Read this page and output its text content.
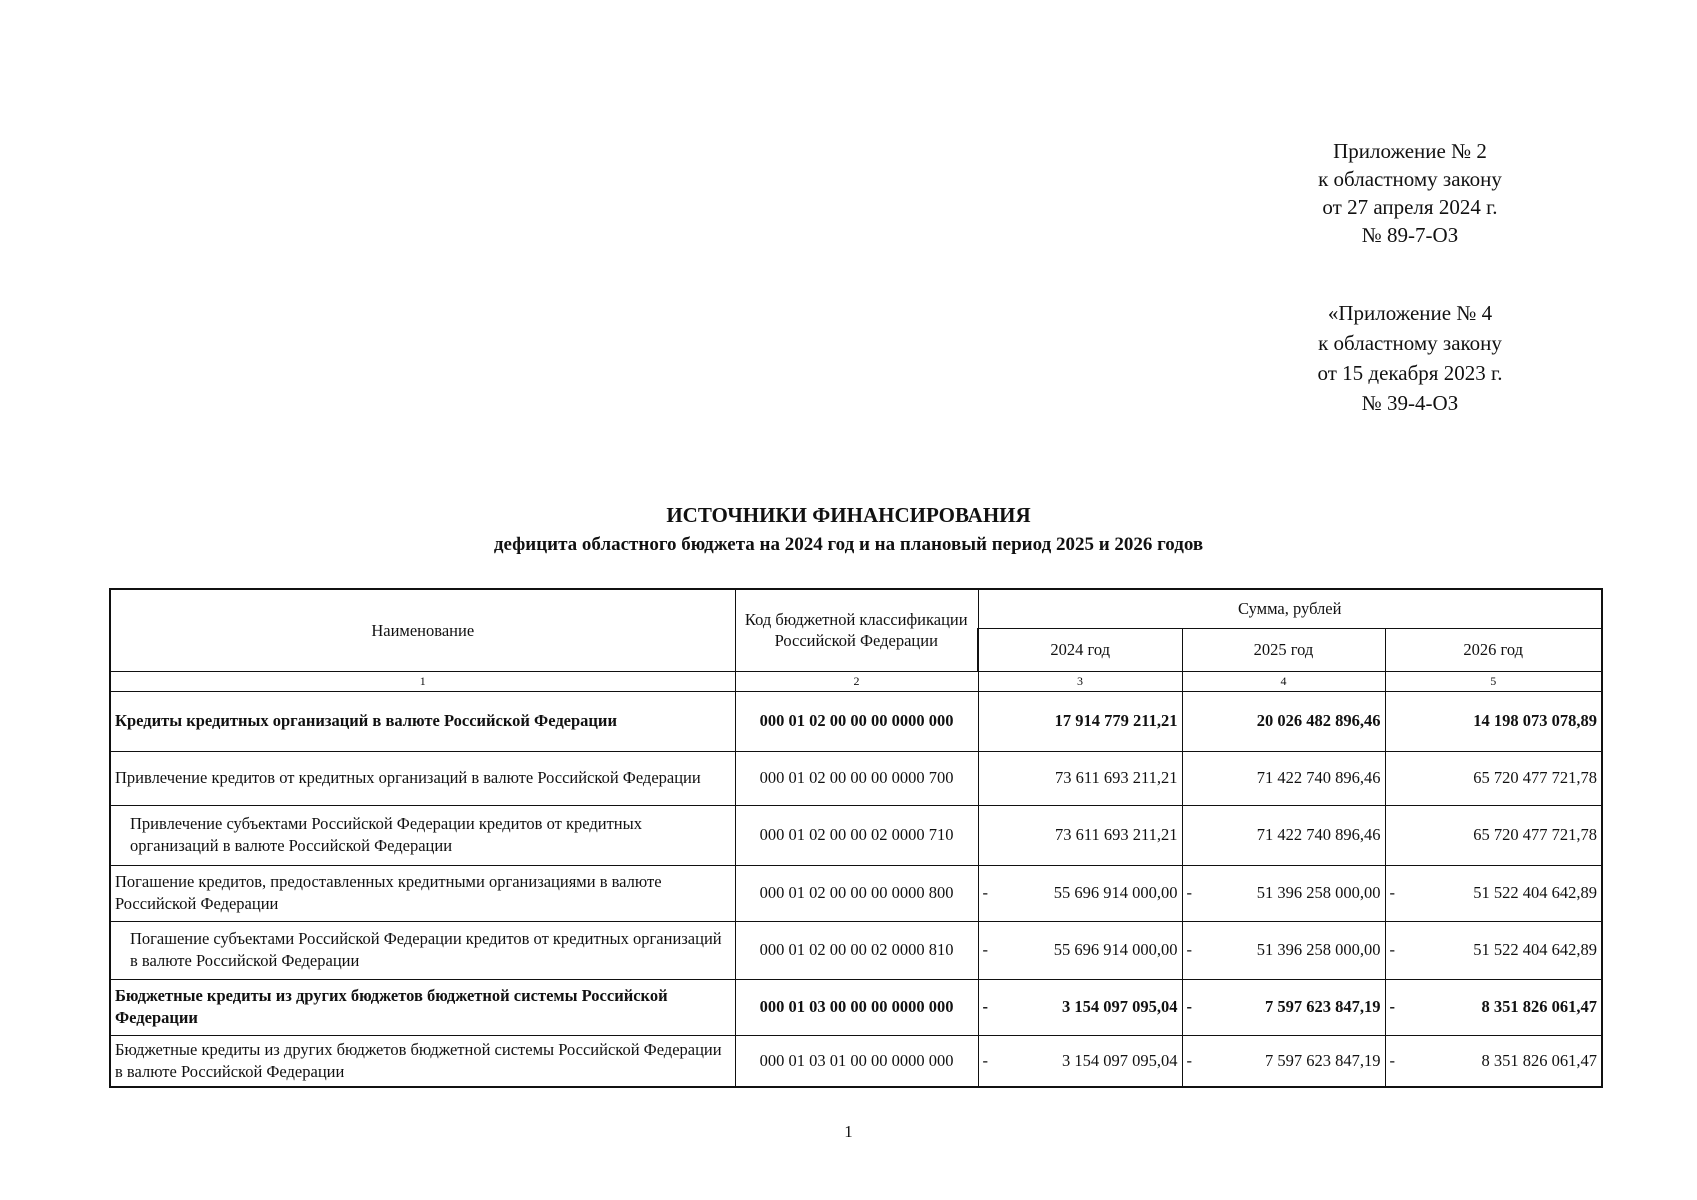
Приложение № 2
к областному закону
от 27 апреля 2024 г.
№ 89-7-ОЗ
«Приложение № 4
к областному закону
от 15 декабря 2023 г.
№ 39-4-ОЗ
ИСТОЧНИКИ ФИНАНСИРОВАНИЯ
дефицита областного бюджета на 2024 год и на плановый период 2025 и 2026 годов
Наименование	Код бюджетной классификации Российской Федерации	Сумма, рублей		
		2024 год	2025 год	2026 год
1	2	3	4	5
Кредиты кредитных организаций в валюте Российской Федерации	000 01 02 00 00 00 0000 000	17 914 779 211,21	20 026 482 896,46	14 198 073 078,89
Привлечение кредитов от кредитных организаций в валюте Российской Федерации	000 01 02 00 00 00 0000 700	73 611 693 211,21	71 422 740 896,46	65 720 477 721,78
Привлечение субъектами Российской Федерации кредитов от кредитных организаций в валюте Российской Федерации	000 01 02 00 00 02 0000 710	73 611 693 211,21	71 422 740 896,46	65 720 477 721,78
Погашение кредитов, предоставленных кредитными организациями в валюте Российской Федерации	000 01 02 00 00 00 0000 800	- 55 696 914 000,00	- 51 396 258 000,00	- 51 522 404 642,89
Погашение субъектами Российской Федерации кредитов от кредитных организаций в валюте Российской Федерации	000 01 02 00 00 02 0000 810	- 55 696 914 000,00	- 51 396 258 000,00	- 51 522 404 642,89
Бюджетные кредиты из других бюджетов бюджетной системы Российской Федерации	000 01 03 00 00 00 0000 000	- 3 154 097 095,04	- 7 597 623 847,19	- 8 351 826 061,47
Бюджетные кредиты из других бюджетов бюджетной системы Российской Федерации в валюте Российской Федерации	000 01 03 01 00 00 0000 000	- 3 154 097 095,04	- 7 597 623 847,19	- 8 351 826 061,47
1
